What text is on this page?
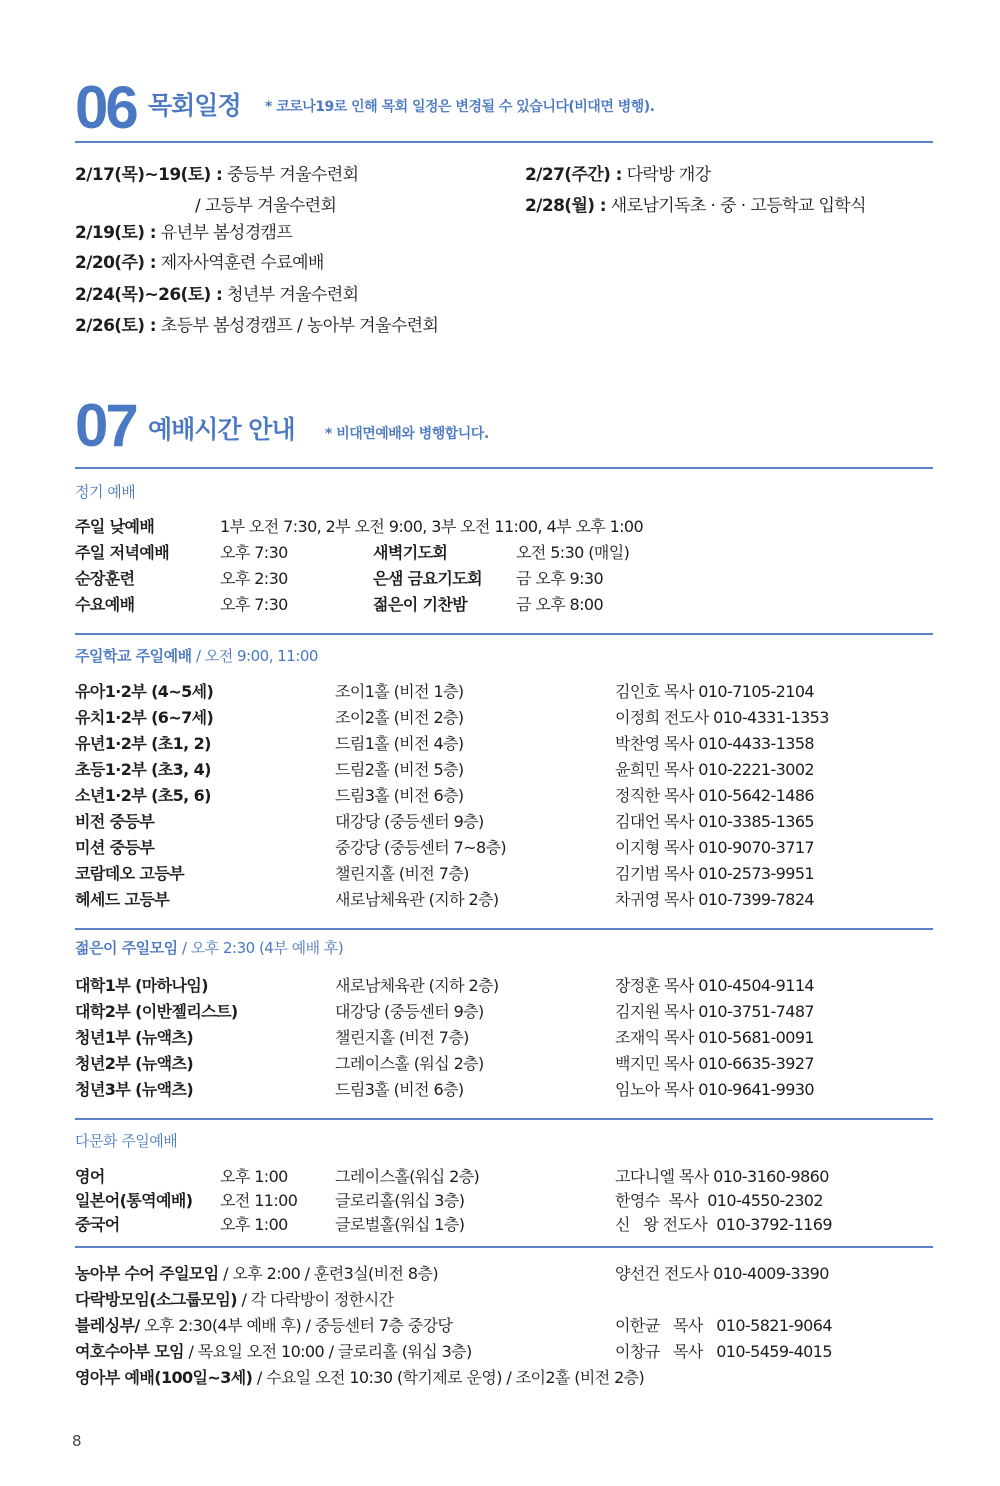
06 목회일정 * 코로나19로 인해 목회 일정은 변경될 수 있습니다(비대면 병행).
2/17(목)~19(토) : 중등부 겨울수련회
/ 고등부 겨울수련회
2/19(토) : 유년부 봄성경캠프
2/20(주) : 제자사역훈련 수료예배
2/24(목)~26(토) : 청년부 겨울수련회
2/26(토) : 초등부 봄성경캠프 / 농아부 겨울수련회
2/27(주간) : 다락방 개강
2/28(월) : 새로남기독초 · 중 · 고등학교 입학식
07 예배시간 안내 * 비대면예배와 병행합니다.
정기 예배
주일 낮예배	1부 오전 7:30, 2부 오전 9:00, 3부 오전 11:00, 4부 오후 1:00
주일 저녁예배	오후 7:30	새벽기도회	오전 5:30 (매일)
순장훈련	오후 2:30	은샘 금요기도회 금 오후 9:30
수요예배	오후 7:30	젊은이 기찬밤	금 오후 8:00
주일학교 주일예배 / 오전 9:00, 11:00
유아1·2부 (4~5세)	조이1홀 (비전 1층)	김인호 목사 010-7105-2104
유치1·2부 (6~7세)	조이2홀 (비전 2층)	이정희 전도사 010-4331-1353
유년1·2부 (초1, 2)	드림1홀 (비전 4층)	박찬영 목사 010-4433-1358
초등1·2부 (초3, 4)	드림2홀 (비전 5층)	윤희민 목사 010-2221-3002
소년1·2부 (초5, 6)	드림3홀 (비전 6층)	정직한 목사 010-5642-1486
비전 중등부	대강당 (중등센터 9층)	김대언 목사 010-3385-1365
미션 중등부	중강당 (중등센터 7~8층)	이지형 목사 010-9070-3717
코람데오 고등부	챌린지홀 (비전 7층)	김기범 목사 010-2573-9951
헤세드 고등부	새로남체육관 (지하 2층)	차귀영 목사 010-7399-7824
젊은이 주일모임 / 오후 2:30 (4부 예배 후)
대학1부 (마하나임)	새로남체육관 (지하 2층)	장정훈 목사 010-4504-9114
대학2부 (이반젤리스트)	대강당 (중등센터 9층)	김지원 목사 010-3751-7487
청년1부 (뉴액츠)	챌린지홀 (비전 7층)	조재익 목사 010-5681-0091
청년2부 (뉴액츠)	그레이스홀 (워십 2층)	백지민 목사 010-6635-3927
청년3부 (뉴액츠)	드림3홀 (비전 6층)	임노아 목사 010-9641-9930
다문화 주일예배
영어	오후 1:00	그레이스홀(워십 2층)	고다니엘 목사 010-3160-9860
일본어(통역예배) 오전 11:00 글로리홀(워십 3층)	한영수  목사  010-4550-2302
중국어	오후 1:00	글로벌홀(워십 1층)	신   왕 전도사  010-3792-1169
농아부 수어 주일모임 / 오후 2:00 / 훈련3실(비전 8층)	양선건 전도사 010-4009-3390
다락방모임(소그룹모임) / 각 다락방이 정한시간
블레싱부/ 오후 2:30(4부 예배 후) / 중등센터 7층 중강당	이한균   목사   010-5821-9064
여호수아부 모임 / 목요일 오전 10:00 / 글로리홀 (워십 3층)	이창규   목사   010-5459-4015
영아부 예배(100일~3세) / 수요일 오전 10:30 (학기제로 운영) / 조이2홀 (비전 2층)
8
